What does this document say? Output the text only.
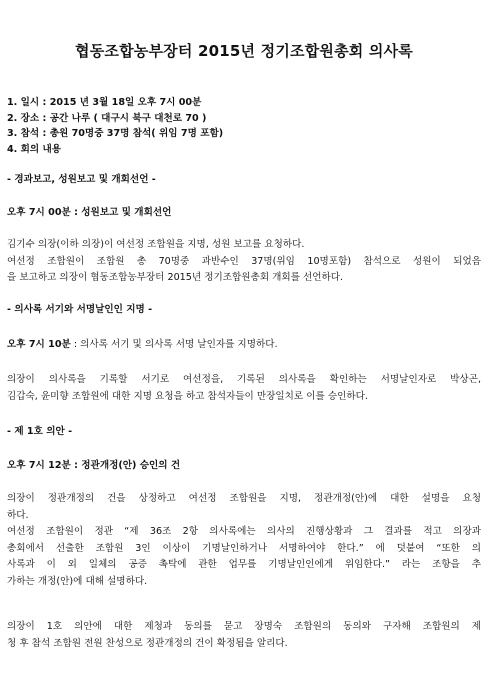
협동조합농부장터 2015년 정기조합원총회 의사록
1. 일시 : 2015 년 3월 18일 오후 7시 00분
2. 장소 : 공간 나루 ( 대구시 북구 대천로 70 )
3. 참석 : 총원 70명중 37명 참석( 위임 7명 포함)
4. 회의 내용
- 경과보고, 성원보고 및 개회선언 -
오후 7시 00분 : 성원보고 및 개회선언
김기수 의장(이하 의장)이 여선정 조합원을 지명, 성원 보고를 요청하다.
여선정 조합원이 조합원 총 70명중 과반수인 37명(위임 10명포함) 참석으로 성원이 되었음
을 보고하고 의장이 협동조합농부장터 2015년 정기조합원총회 개회를 선언하다.
- 의사록 서기와 서명날인인 지명 -
오후 7시 10분 : 의사록 서기 및 의사록 서명 날인자를 지명하다.
의장이 의사록을 기록할 서기로 여선정을, 기록된 의사록을 확인하는 서명날인자로 박상곤,
김갑숙, 윤미향 조합원에 대한 지명 요청을 하고 참석자들이 만장일치로 이를 승인하다.
- 제 1호 의안 -
오후 7시 12분 : 정관개정(안) 승인의 건
의장이 정관개정의 건을 상정하고 여선정 조합원을 지명, 정관개정(안)에 대한 설명을 요청
하다.
여선정 조합원이 정관 “제 36조 2항 의사록에는 의사의 진행상황과 그 결과를 적고 의장과
총회에서 선출한 조합원 3인 이상이 기명날인하거나 서명하여야 한다.” 에 덧붙여 “또한 의
사록과 이 외 일체의 공증 촉탁에 관한 업무를 기명날인인에게 위임한다.” 라는 조항을 추
가하는 개정(안)에 대해 설명하다.
의장이 1호 의안에 대한 제청과 동의를 묻고 장명숙 조합원의 동의와 구자해 조합원의 제
청 후 참석 조합원 전원 찬성으로 정관개정의 건이 확정됨을 알리다.
